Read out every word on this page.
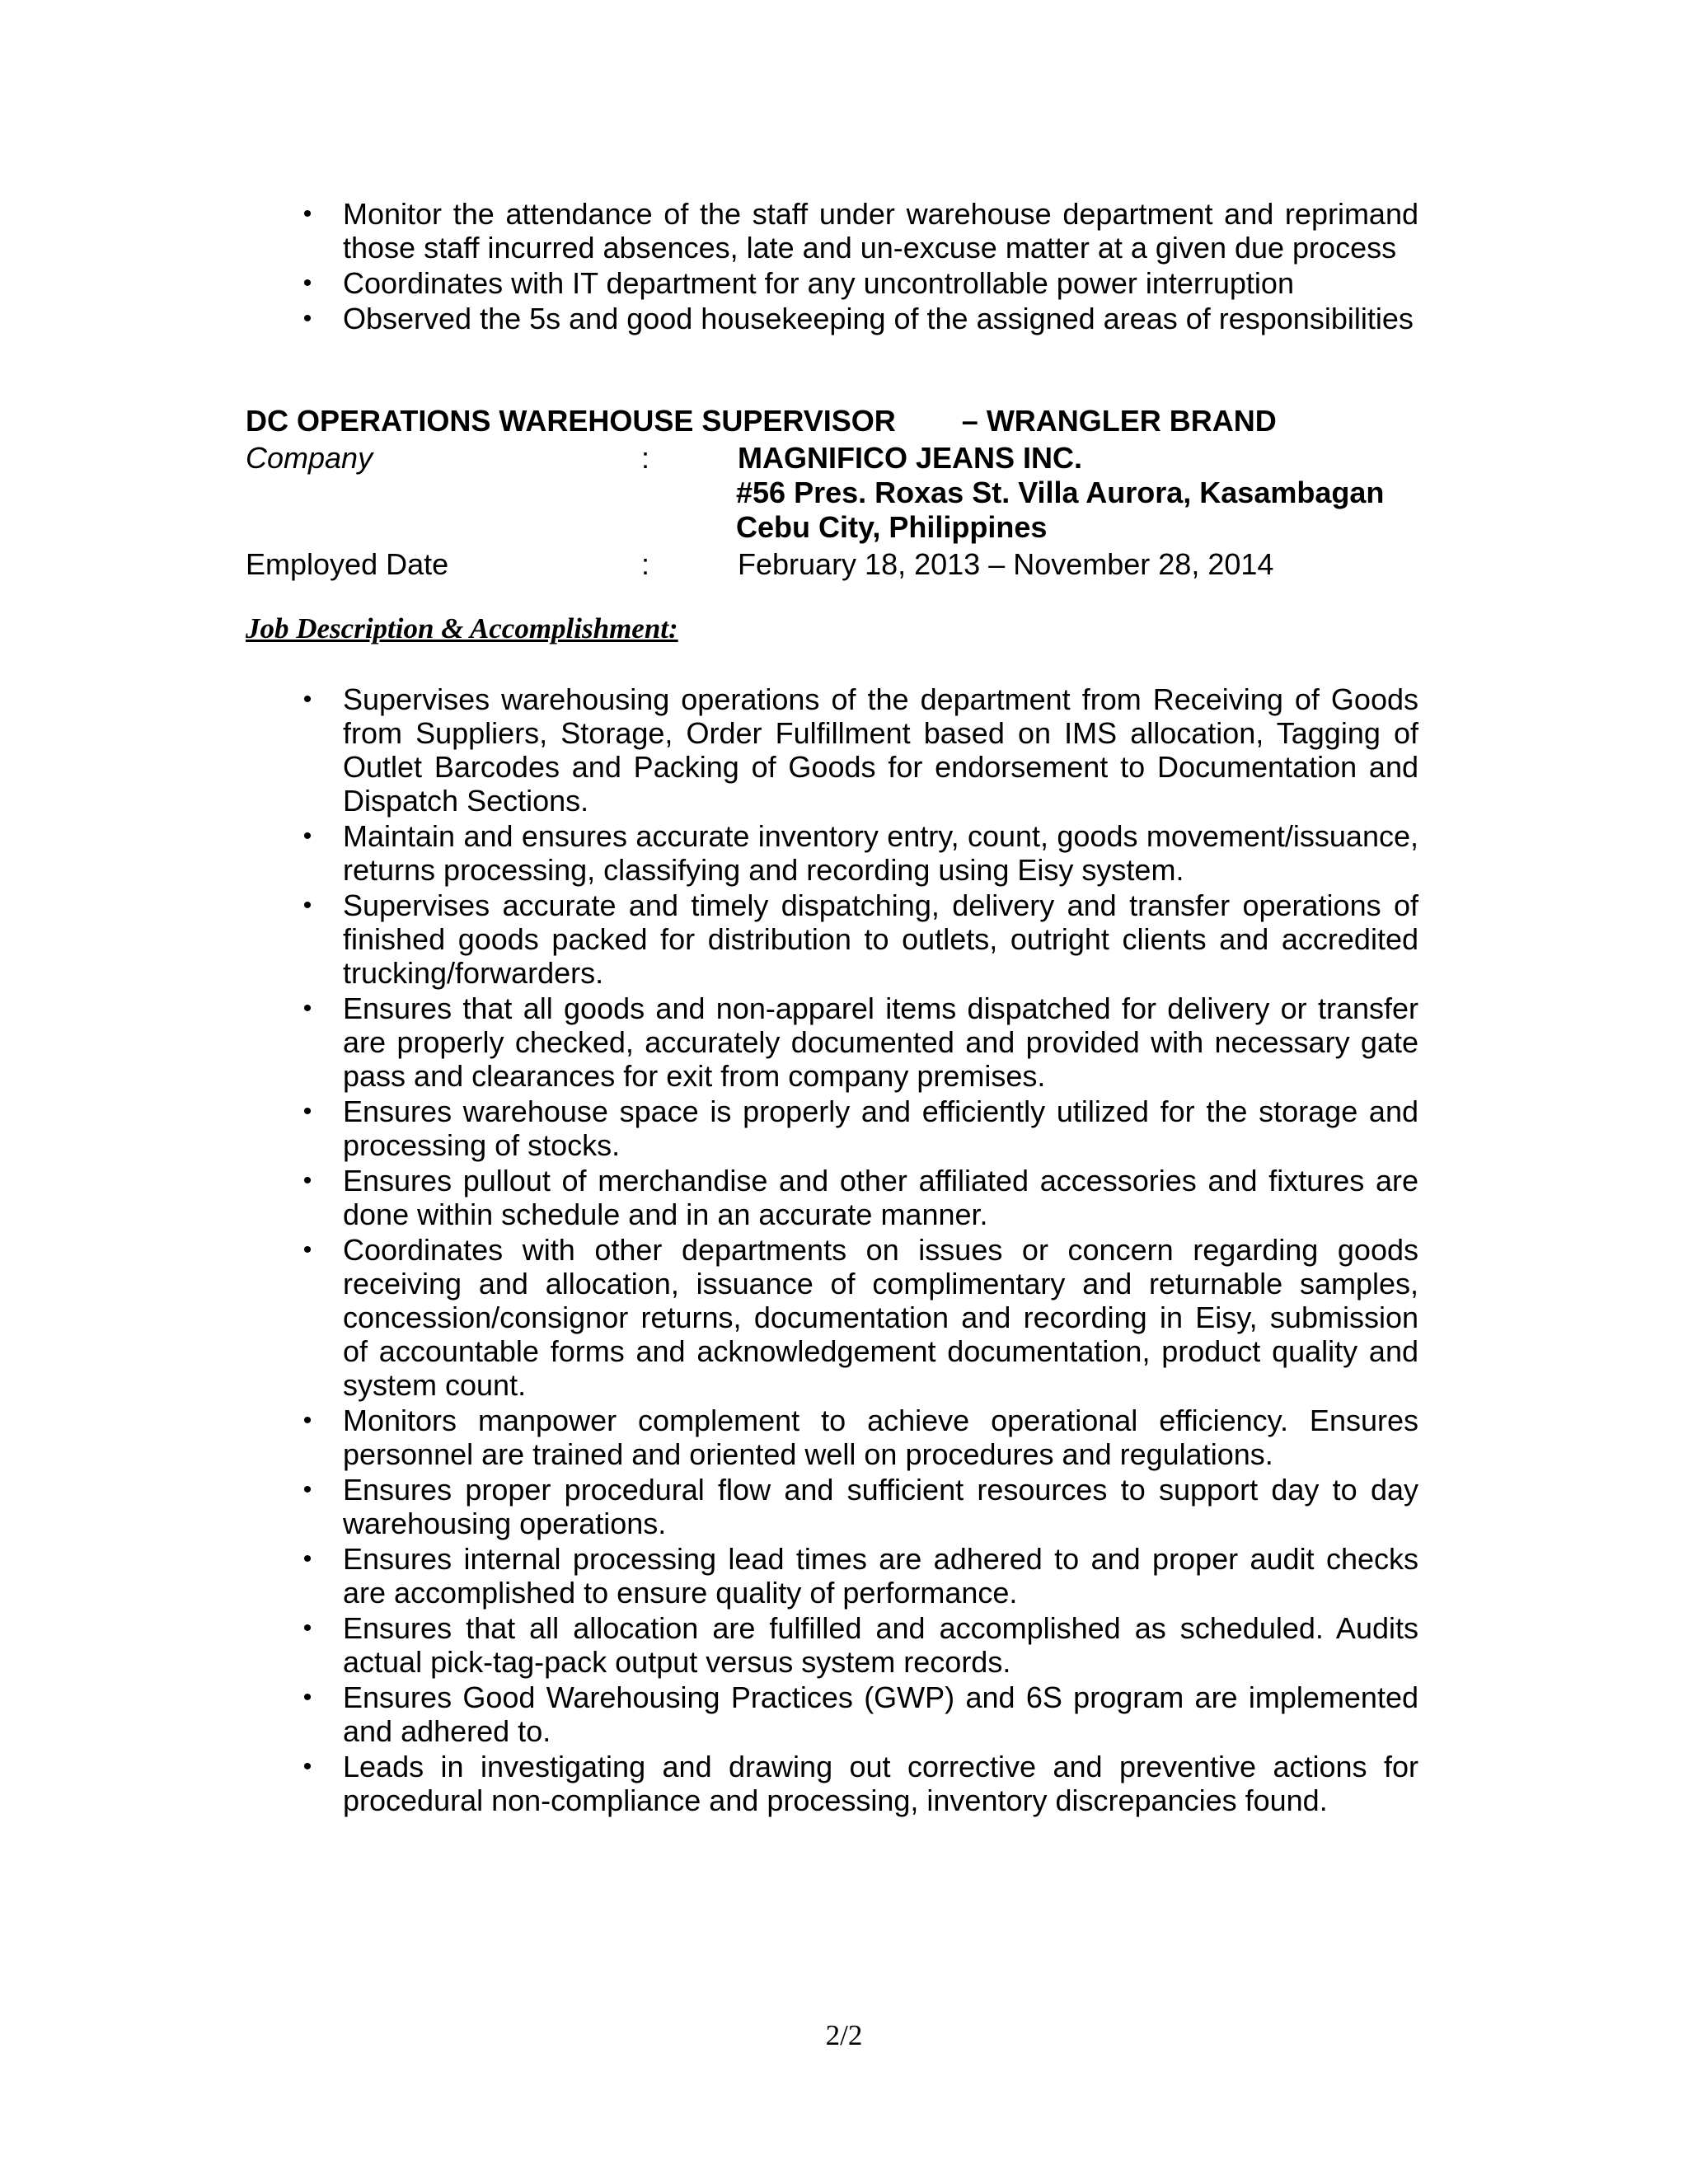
• Monitor the attendance of the staff under warehouse department and reprimand those staff incurred absences, late and un-excuse matter at a given due process
• Coordinates with IT department for any uncontrollable power interruption
• Observed the 5s and good housekeeping of the assigned areas of responsibilities
DC OPERATIONS WAREHOUSE SUPERVISOR – WRANGLER BRAND
Company	:	MAGNIFICO JEANS INC.
#56 Pres. Roxas St. Villa Aurora, Kasambagan
Cebu City, Philippines
Employed Date	:	February 18, 2013 – November 28, 2014
Job Description & Accomplishment:
• Supervises warehousing operations of the department from Receiving of Goods from Suppliers, Storage, Order Fulfillment based on IMS allocation, Tagging of Outlet Barcodes and Packing of Goods for endorsement to Documentation and Dispatch Sections.
• Maintain and ensures accurate inventory entry, count, goods movement/issuance, returns processing, classifying and recording using Eisy system.
• Supervises accurate and timely dispatching, delivery and transfer operations of finished goods packed for distribution to outlets, outright clients and accredited trucking/forwarders.
• Ensures that all goods and non-apparel items dispatched for delivery or transfer are properly checked, accurately documented and provided with necessary gate pass and clearances for exit from company premises.
• Ensures warehouse space is properly and efficiently utilized for the storage and processing of stocks.
• Ensures pullout of merchandise and other affiliated accessories and fixtures are done within schedule and in an accurate manner.
• Coordinates with other departments on issues or concern regarding goods receiving and allocation, issuance of complimentary and returnable samples, concession/consignor returns, documentation and recording in Eisy, submission of accountable forms and acknowledgement documentation, product quality and system count.
• Monitors manpower complement to achieve operational efficiency. Ensures personnel are trained and oriented well on procedures and regulations.
• Ensures proper procedural flow and sufficient resources to support day to day warehousing operations.
• Ensures internal processing lead times are adhered to and proper audit checks are accomplished to ensure quality of performance.
• Ensures that all allocation are fulfilled and accomplished as scheduled. Audits actual pick-tag-pack output versus system records.
• Ensures Good Warehousing Practices (GWP) and 6S program are implemented and adhered to.
• Leads in investigating and drawing out corrective and preventive actions for procedural non-compliance and processing, inventory discrepancies found.
2/2
